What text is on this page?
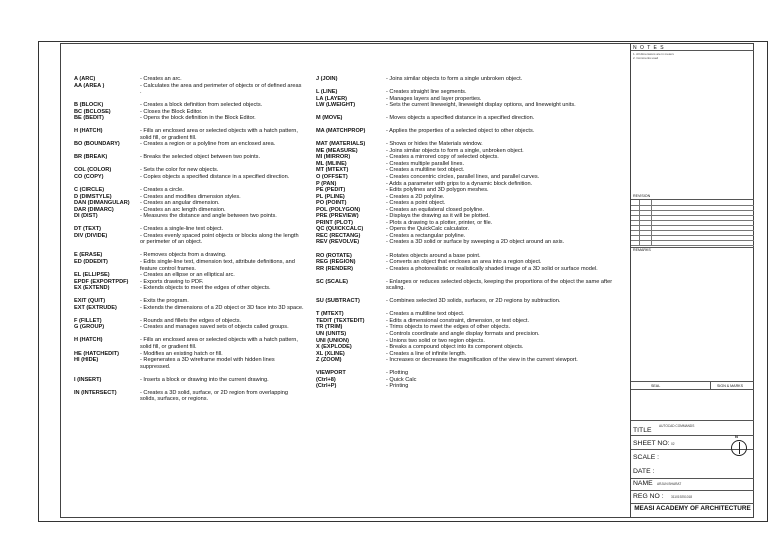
A (ARC)	- Creates an arc.
AA (AREA )	- Calculates the area and perimeter of objects or of defined areas .
B (BLOCK)	- Creates a block definition from selected objects.
BC (BCLOSE)	- Closes the Block Editor.
BE (BEDIT)	- Opens the block definition in the Block Editor.
H (HATCH)	- Fills an enclosed area or selected objects with a hatch pattern, solid fill, or gradient fill.
BO (BOUNDARY)	- Creates a region or a polyline from an enclosed area.
BR (BREAK)	- Breaks the selected object between two points.
COL (COLOR)	- Sets the color for new objects.
CO (COPY)	- Copies objects a specified distance in a specified direction.
C (CIRCLE)	- Creates a circle.
D (DIMSTYLE)	- Creates and modifies dimension styles.
DAN (DIMANGULAR)	- Creates an angular dimension.
DAR (DIMARC)	- Creates an arc length dimension.
DI (DIST)	- Measures the distance and angle between two points.
DT (TEXT)	- Creates a single-line text object.
DIV (DIVIDE)	- Creates evenly spaced point objects or blocks along the length or perimeter of an object.
E (ERASE)	- Removes objects from a drawing.
ED (DDEDIT)	- Edits single-line text, dimension text, attribute definitions, and feature control frames.
EL (ELLIPSE)	- Creates an ellipse or an elliptical arc.
EPDF (EXPORTPDF)	- Exports drawing to PDF.
EX (EXTEND)	- Extends objects to meet the edges of other objects.
EXIT (QUIT)	- Exits the program.
EXT (EXTRUDE)	- Extends the dimensions of a 2D object or 3D face into 3D space.
F (FILLET)	- Rounds and fillets the edges of objects.
G (GROUP)	- Creates and manages saved sets of objects called groups.
H (HATCH)	- Fills an enclosed area or selected objects with a hatch pattern, solid fill, or gradient fill.
HE (HATCHEDIT)	- Modifies an existing hatch or fill.
HI (HIDE)	- Regenerates a 3D wireframe model with hidden lines suppressed.
I (INSERT)	- Inserts a block or drawing into the current drawing.
IN (INTERSECT)	- Creates a 3D solid, surface, or 2D region from overlapping solids, surfaces, or regions.
J (JOIN)	- Joins similar objects to form a single unbroken object.
L (LINE)	- Creates straight line segments.
LA (LAYER)	- Manages layers and layer properties.
LW (LWEIGHT)	- Sets the current lineweight, lineweight display options, and lineweight units.
M (MOVE)	- Moves objects a specified distance in a specified direction.
MA (MATCHPROP)	- Applies the properties of a selected object to other objects.
MAT (MATERIALS)	- Shows or hides the Materials window.
ME (MEASURE)	- Joins similar objects to form a single, unbroken object.
MI (MIRROR)	- Creates a mirrored copy of selected objects.
ML (MLINE)	- Creates multiple parallel lines.
MT (MTEXT)	- Creates a multiline text object.
O (OFFSET)	- Creates concentric circles, parallel lines, and parallel curves.
P (PAN)	- Adds a parameter with grips to a dynamic block definition.
PE (PEDIT)	- Edits polylines and 3D polygon meshes.
PL (PLINE)	- Creates a 2D polyline.
PO (POINT)	- Creates a point object.
POL (POLYGON)	- Creates an equilateral closed polyline.
PRE (PREVIEW)	- Displays the drawing as it will be plotted.
PRINT (PLOT)	- Plots a drawing to a plotter, printer, or file.
QC (QUICKCALC)	- Opens the QuickCalc calculator.
REC (RECTANG)	- Creates a rectangular polyline.
REV (REVOLVE)	- Creates a 3D solid or surface by sweeping a 2D object around an axis.
RO (ROTATE)	- Rotates objects around a base point.
REG (REGION)	- Converts an object that encloses an area into a region object.
RR (RENDER)	- Creates a photorealistic or realistically shaded image of a 3D solid or surface model.
SC (SCALE)	- Enlarges or reduces selected objects, keeping the proportions of the object the same after scaling.
SU (SUBTRACT)	- Combines selected 3D solids, surfaces, or 2D regions by subtraction.
T (MTEXT)	- Creates a multiline text object.
TEDIT (TEXTEDIT)	- Edits a dimensional constraint, dimension, or text object.
TR (TRIM)	- Trims objects to meet the edges of other objects.
UN (UNITS)	- Controls coordinate and angle display formats and precision.
UNI (UNION)	- Unions two solid or two region objects.
X (EXPLODE)	- Breaks a compound object into its component objects.
XL (XLINE)	- Creates a line of infinite length.
Z (ZOOM)	- Increases or decreases the magnification of the view in the current viewport.
VIEWPORT	- Plotting
(Ctrl+8)	- Quick Calc
(Ctrl+P)	- Printing
N O T E S
1. All dimensions are in meters
2. Comments used
REVISION
REMARKS
SEAL	SIGN & MARKS
TITLE
AUTOCAD COMMANDS
SHEET NO: 02
SCALE :
DATE :
N
NAME ARJUN BHARAT
REG NO : 311019251018
MEASI ACADEMY OF ARCHITECTURE
